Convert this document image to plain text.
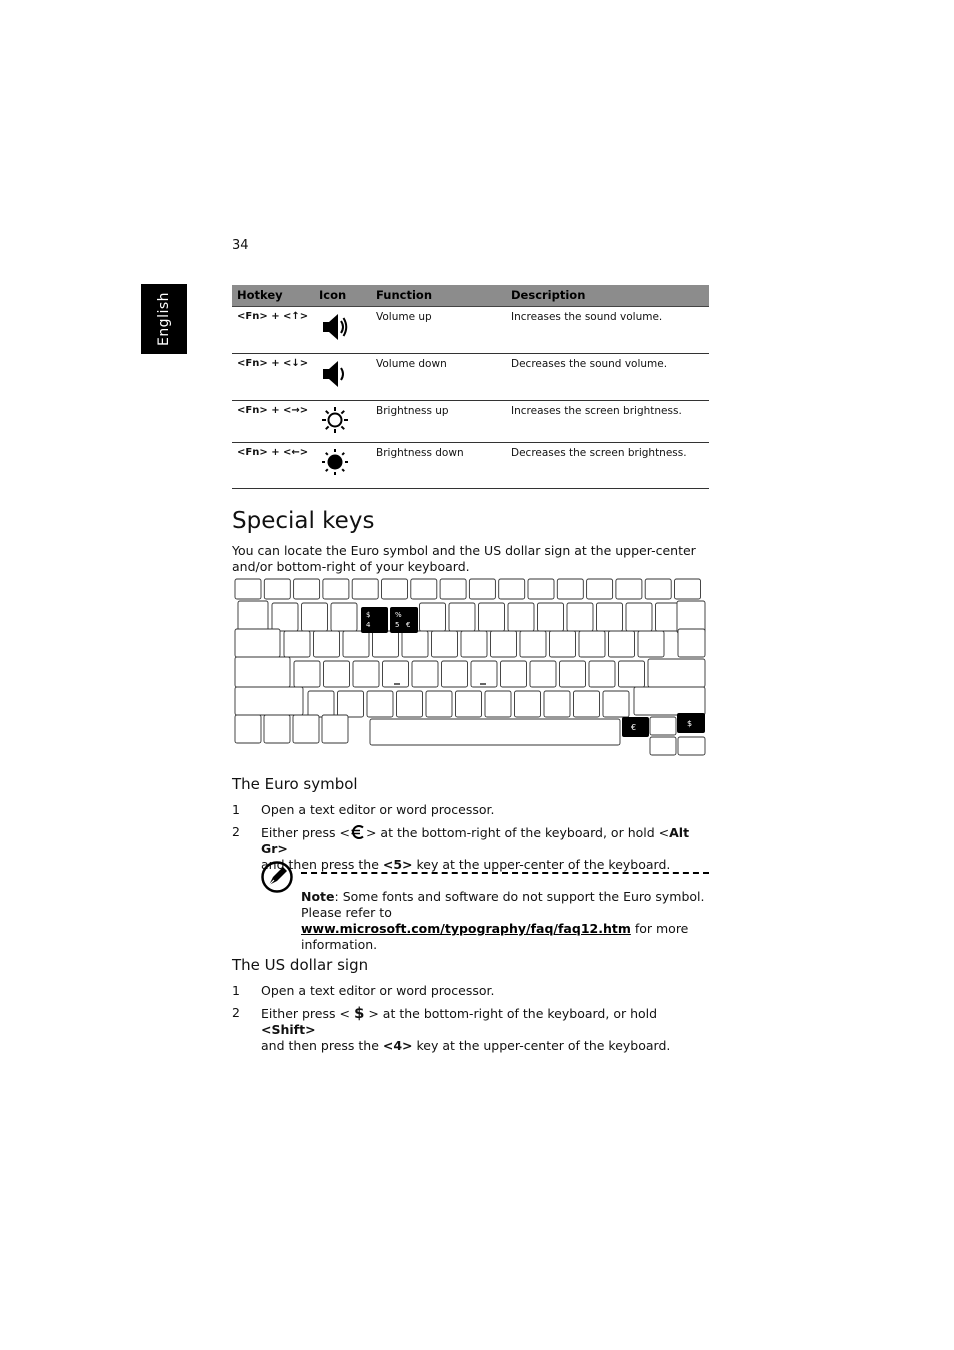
34
English	Hotkey	Icon	Function	Description
<Fn> + <↑>		Volume up	Increases the sound volume.
<Fn> + <↓>		Volume down	Decreases the sound volume.
<Fn> + <→>		Brightness up	Increases the screen brightness.
<Fn> + <←>		Brightness down	Decreases the screen brightness.
Special keys

You can locate the Euro symbol and the US dollar sign at the upper-center and/or bottom-right of your keyboard.

$
4
%
5 €
€	$
The Euro symbol
1 Open a text editor or word processor.
2 Either press < > at the bottom-right of the keyboard, or hold <Alt Gr>
and then press the <5> key at the upper-center of the keyboard.
Note: Some fonts and software do not support the Euro symbol. Please refer to www.microsoft.com/typography/faq/faq12.htm for more information.
The US dollar sign
1 Open a text editor or word processor.
2 Either press < $ > at the bottom-right of the keyboard, or hold <Shift>
and then press the <4> key at the upper-center of the keyboard.
